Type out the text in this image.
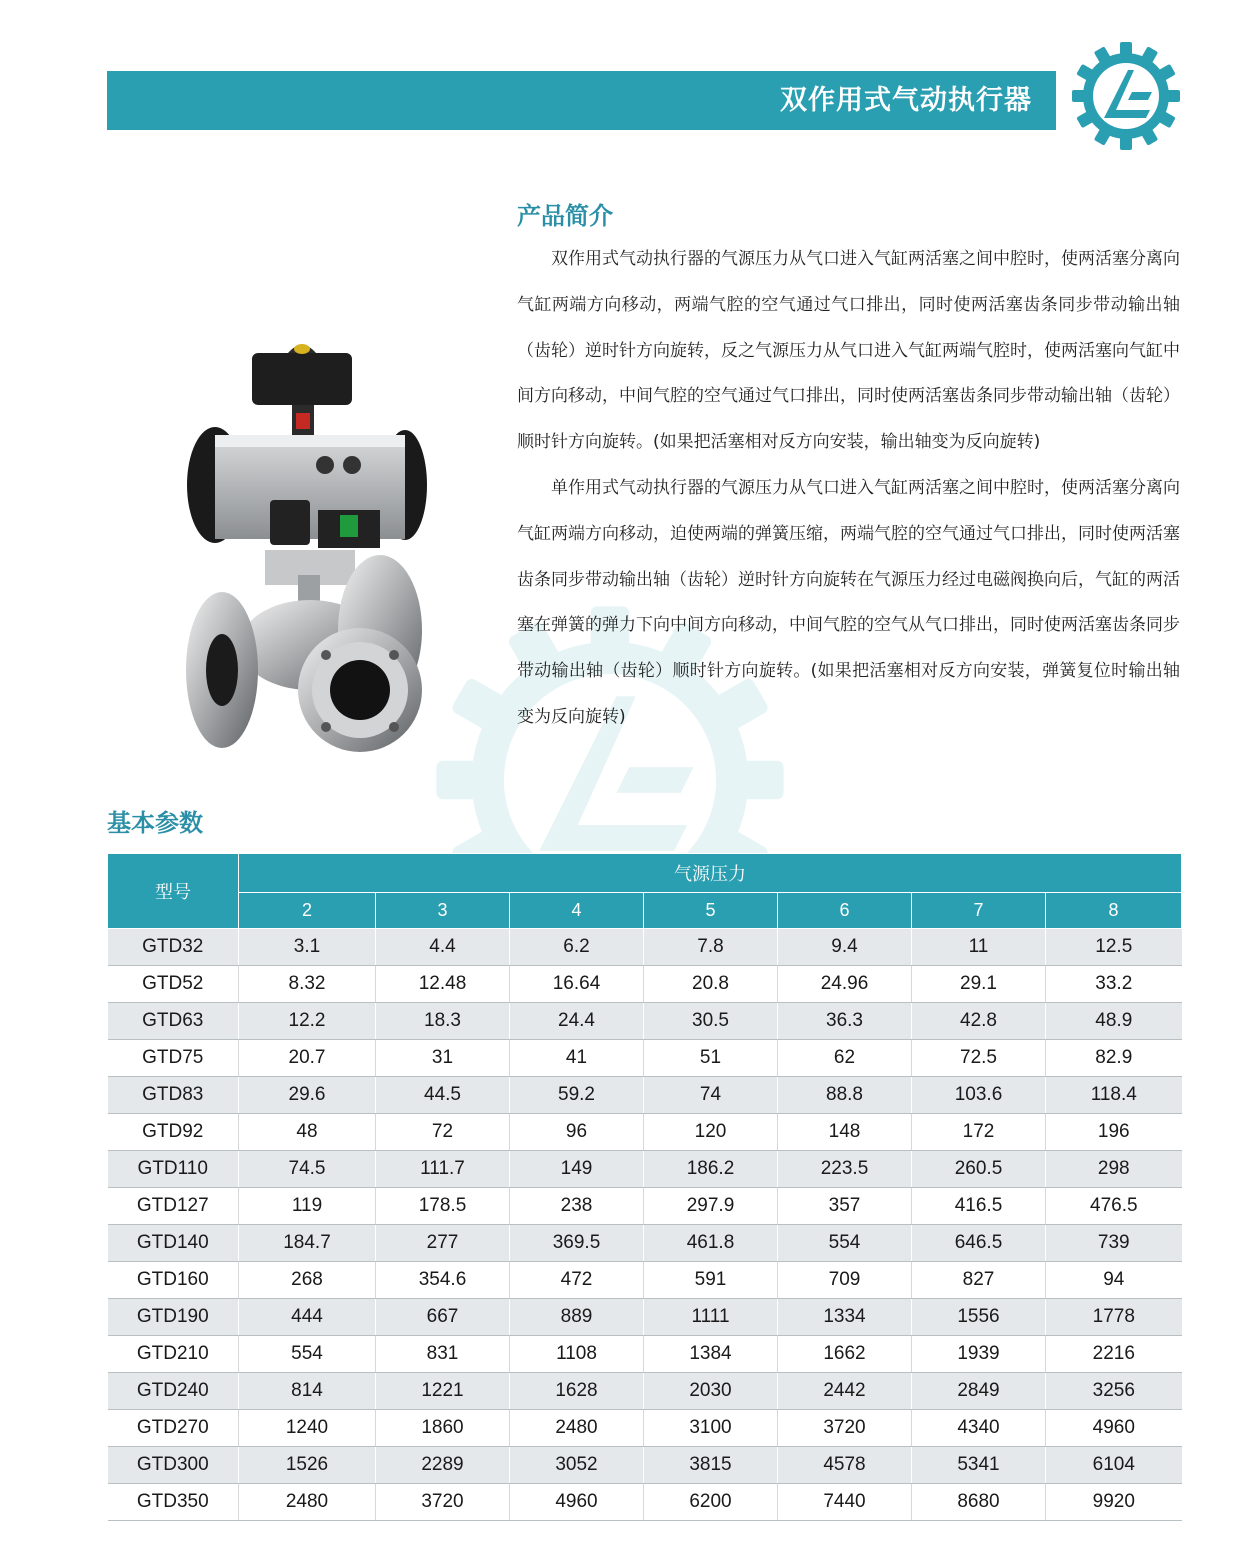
双作用式气动执行器
产品简介

双作用式气动执行器的气源压力从气口进入气缸两活塞之间中腔时，使两活塞分离向气缸两端方向移动，两端气腔的空气通过气口排出，同时使两活塞齿条同步带动输出轴（齿轮）逆时针方向旋转，反之气源压力从气口进入气缸两端气腔时，使两活塞向气缸中间方向移动，中间气腔的空气通过气口排出，同时使两活塞齿条同步带动输出轴（齿轮）顺时针方向旋转。(如果把活塞相对反方向安装，输出轴变为反向旋转)

单作用式气动执行器的气源压力从气口进入气缸两活塞之间中腔时，使两活塞分离向气缸两端方向移动，迫使两端的弹簧压缩，两端气腔的空气通过气口排出，同时使两活塞齿条同步带动输出轴（齿轮）逆时针方向旋转在气源压力经过电磁阀换向后，气缸的两活塞在弹簧的弹力下向中间方向移动，中间气腔的空气从气口排出，同时使两活塞齿条同步带动输出轴（齿轮）顺时针方向旋转。(如果把活塞相对反方向安装，弹簧复位时输出轴变为反向旋转)

基本参数
型号	气源压力						
	2	3	4	5	6	7	8
GTD32	3.1	4.4	6.2	7.8	9.4	11	12.5
GTD52	8.32	12.48	16.64	20.8	24.96	29.1	33.2
GTD63	12.2	18.3	24.4	30.5	36.3	42.8	48.9
GTD75	20.7	31	41	51	62	72.5	82.9
GTD83	29.6	44.5	59.2	74	88.8	103.6	118.4
GTD92	48	72	96	120	148	172	196
GTD110	74.5	111.7	149	186.2	223.5	260.5	298
GTD127	119	178.5	238	297.9	357	416.5	476.5
GTD140	184.7	277	369.5	461.8	554	646.5	739
GTD160	268	354.6	472	591	709	827	94
GTD190	444	667	889	1111	1334	1556	1778
GTD210	554	831	1108	1384	1662	1939	2216
GTD240	814	1221	1628	2030	2442	2849	3256
GTD270	1240	1860	2480	3100	3720	4340	4960
GTD300	1526	2289	3052	3815	4578	5341	6104
GTD350	2480	3720	4960	6200	7440	8680	9920
